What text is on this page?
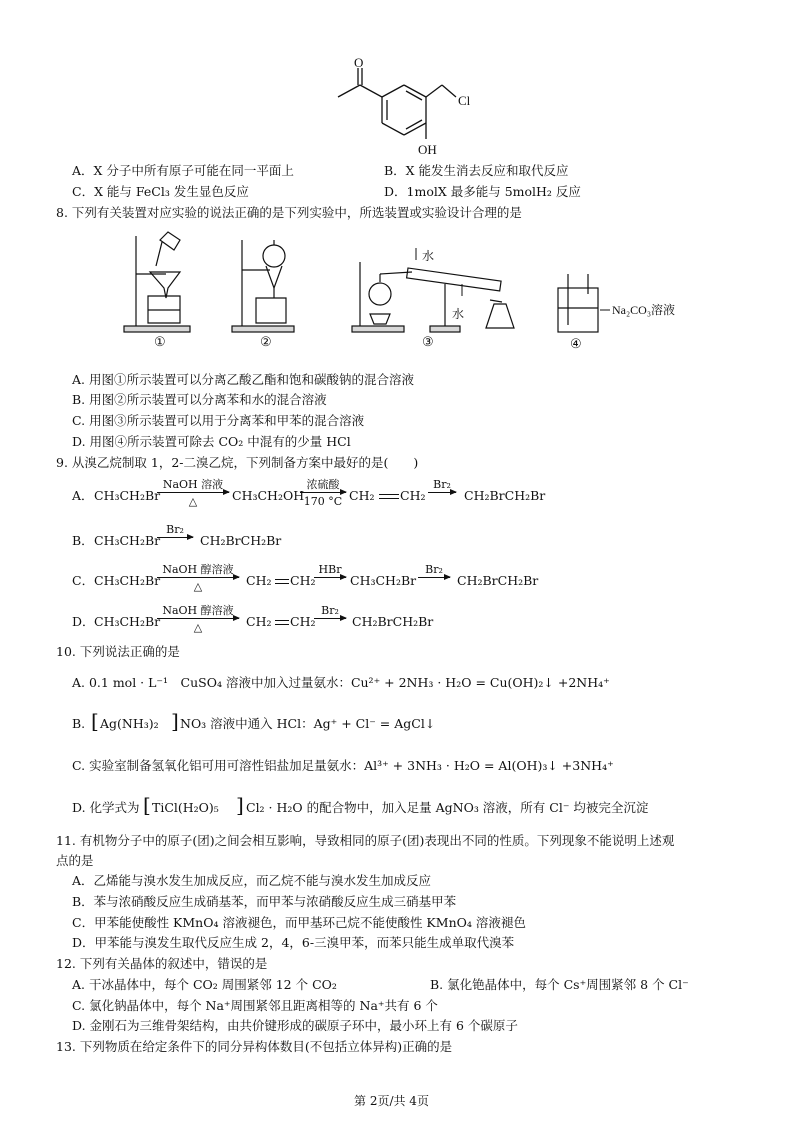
O
Cl
OH
A．X 分子中所有原子可能在同一平面上	B．X 能发生消去反应和取代反应
C．X 能与 FeCl₃ 发生显色反应	D．1molX 最多能与 5molH₂ 反应
8. 下列有关装置对应实验的说法正确的是下列实验中，所选装置或实验设计合理的是
①	②
水
水
③
Na₂CO₃溶液
④
A. 用图①所示装置可以分离乙酸乙酯和饱和碳酸钠的混合溶液
B. 用图②所示装置可以分离苯和水的混合溶液
C. 用图③所示装置可以用于分离苯和甲苯的混合溶液
D. 用图④所示装置可除去 CO₂ 中混有的少量 HCl
9. 从溴乙烷制取 1，2-二溴乙烷，下列制备方案中最好的是(　　)
A． CH₃CH₂Br
NaOH 溶液
△	CH₃CH₂OH
浓硫酸
170 °C CH₂ CH₂
Br₂
→ CH₂BrCH₂Br
B． CH₃CH₂Br
Br₂
→ CH₂BrCH₂Br
C． CH₃CH₂Br
NaOH 醇溶液
△	CH₂ CH₂
HBr
→ CH₃CH₂Br
Br₂
→ CH₂BrCH₂Br
D． CH₃CH₂Br
NaOH 醇溶液
△	CH₂ CH₂
Br₂
→ CH₂BrCH₂Br
10. 下列说法正确的是
A. 0.1 mol · L⁻¹　CuSO₄ 溶液中加入过量氨水：Cu²⁺ + 2NH₃ · H₂O = Cu(OH)₂↓ +2NH₄⁺
B. [ Ag(NH₃)₂ ] NO₃ 溶液中通入 HCl：Ag⁺ + Cl⁻ = AgCl↓
C. 实验室制备氢氧化铝可用可溶性铝盐加足量氨水：Al³⁺ + 3NH₃ · H₂O = Al(OH)₃↓ +3NH₄⁺
D. 化学式为 [ TiCl(H₂O)₅ ] Cl₂ · H₂O 的配合物中，加入足量 AgNO₃ 溶液，所有 Cl⁻ 均被完全沉淀
11. 有机物分子中的原子(团)之间会相互影响，导致相同的原子(团)表现出不同的性质。下列现象不能说明上述观
点的是
A．乙烯能与溴水发生加成反应，而乙烷不能与溴水发生加成反应
B．苯与浓硝酸反应生成硝基苯，而甲苯与浓硝酸反应生成三硝基甲苯
C．甲苯能使酸性 KMnO₄ 溶液褪色，而甲基环己烷不能使酸性 KMnO₄ 溶液褪色
D．甲苯能与溴发生取代反应生成 2，4，6-三溴甲苯，而苯只能生成单取代溴苯
12. 下列有关晶体的叙述中，错误的是
A. 干冰晶体中，每个 CO₂ 周围紧邻 12 个 CO₂	B. 氯化铯晶体中，每个 Cs⁺周围紧邻 8 个 Cl⁻
C. 氯化钠晶体中，每个 Na⁺周围紧邻且距离相等的 Na⁺共有 6 个
D. 金刚石为三维骨架结构，由共价键形成的碳原子环中，最小环上有 6 个碳原子
13. 下列物质在给定条件下的同分异构体数目(不包括立体异构)正确的是
第 2页/共 4页
